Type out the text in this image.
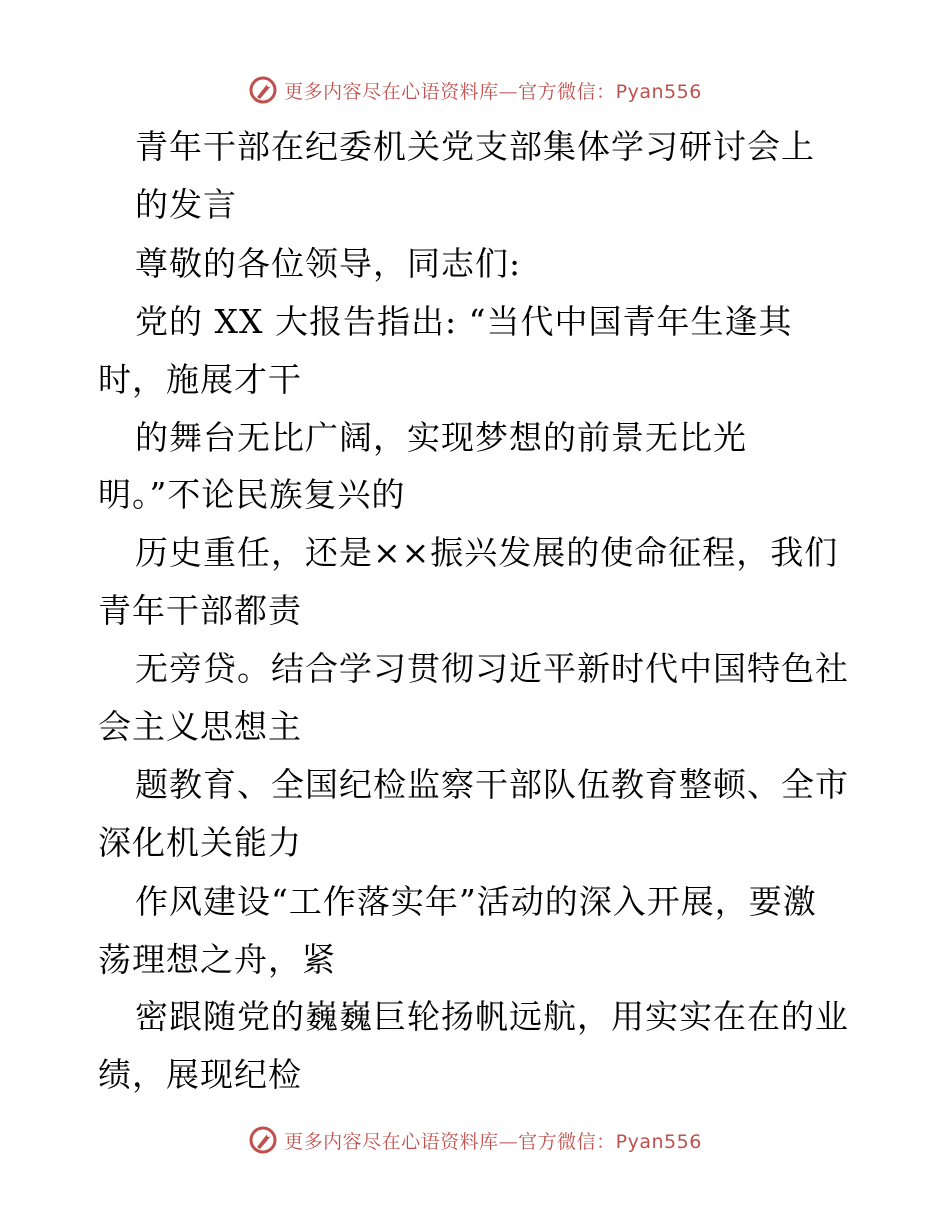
更多内容尽在心语资料库—官方微信：Pyan556
青年干部在纪委机关党支部集体学习研讨会上
的发言
尊敬的各位领导，同志们:
党的 XX 大报告指出: “当代中国青年生逢其
时，施展才干
的舞台无比广阔，实现梦想的前景无比光
明。”不论民族复兴的
历史重任，还是××振兴发展的使命征程，我们
青年干部都责
无旁贷。结合学习贯彻习近平新时代中国特色社
会主义思想主
题教育、全国纪检监察干部队伍教育整顿、全市
深化机关能力
作风建设“工作落实年”活动的深入开展，要激
荡理想之舟，紧
密跟随党的巍巍巨轮扬帆远航，用实实在在的业
绩，展现纪检
更多内容尽在心语资料库—官方微信：Pyan556
